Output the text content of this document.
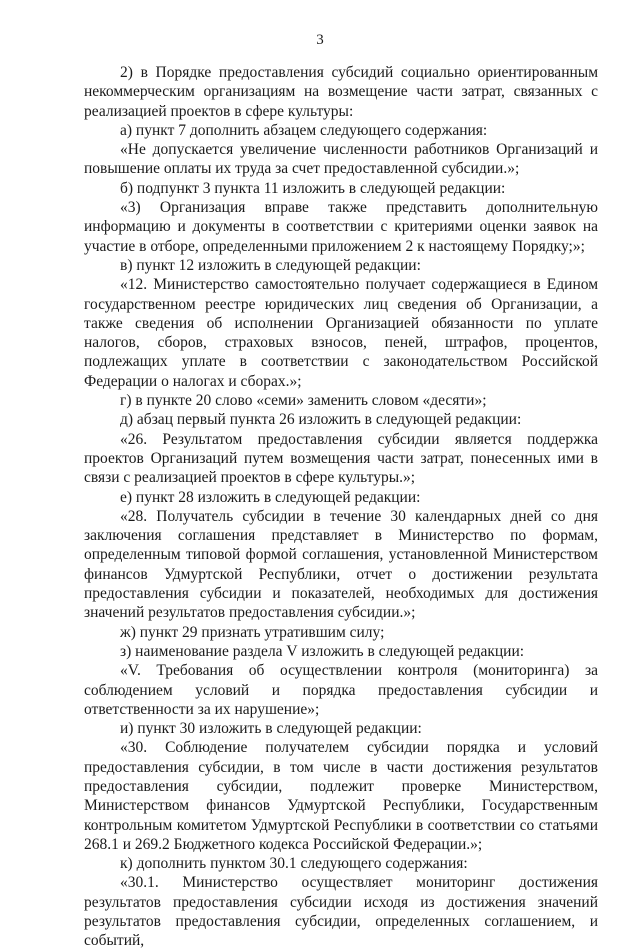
3

2) в Порядке предоставления субсидий социально ориентированным некоммерческим организациям на возмещение части затрат, связанных с реализацией проектов в сфере культуры:

а) пункт 7 дополнить абзацем следующего содержания:

«Не допускается увеличение численности работников Организаций и повышение оплаты их труда за счет предоставленной субсидии.»;

б) подпункт 3 пункта 11 изложить в следующей редакции:

«3) Организация вправе также представить дополнительную информацию и документы в соответствии с критериями оценки заявок на участие в отборе, определенными приложением 2 к настоящему Порядку;»;

в) пункт 12 изложить в следующей редакции:

«12. Министерство самостоятельно получает содержащиеся в Едином государственном реестре юридических лиц сведения об Организации, а также сведения об исполнении Организацией обязанности по уплате налогов, сборов, страховых взносов, пеней, штрафов, процентов, подлежащих уплате в соответствии с законодательством Российской Федерации о налогах и сборах.»;

г) в пункте 20 слово «семи» заменить словом «десяти»;

д) абзац первый пункта 26 изложить в следующей редакции:

«26. Результатом предоставления субсидии является поддержка проектов Организаций путем возмещения части затрат, понесенных ими в связи с реализацией проектов в сфере культуры.»;

е) пункт 28 изложить в следующей редакции:

«28. Получатель субсидии в течение 30 календарных дней со дня заключения соглашения представляет в Министерство по формам, определенным типовой формой соглашения, установленной Министерством финансов Удмуртской Республики, отчет о достижении результата предоставления субсидии и показателей, необходимых для достижения значений результатов предоставления субсидии.»;

ж) пункт 29 признать утратившим силу;

з) наименование раздела V изложить в следующей редакции:

«V. Требования об осуществлении контроля (мониторинга) за соблюдением условий и порядка предоставления субсидии и ответственности за их нарушение»;

и) пункт 30 изложить в следующей редакции:

«30. Соблюдение получателем субсидии порядка и условий предоставления субсидии, в том числе в части достижения результатов предоставления субсидии, подлежит проверке Министерством, Министерством финансов Удмуртской Республики, Государственным контрольным комитетом Удмуртской Республики в соответствии со статьями 268.1 и 269.2 Бюджетного кодекса Российской Федерации.»;

к) дополнить пунктом 30.1 следующего содержания:

«30.1. Министерство осуществляет мониторинг достижения результатов предоставления субсидии исходя из достижения значений результатов предоставления субсидии, определенных соглашением, и событий,
